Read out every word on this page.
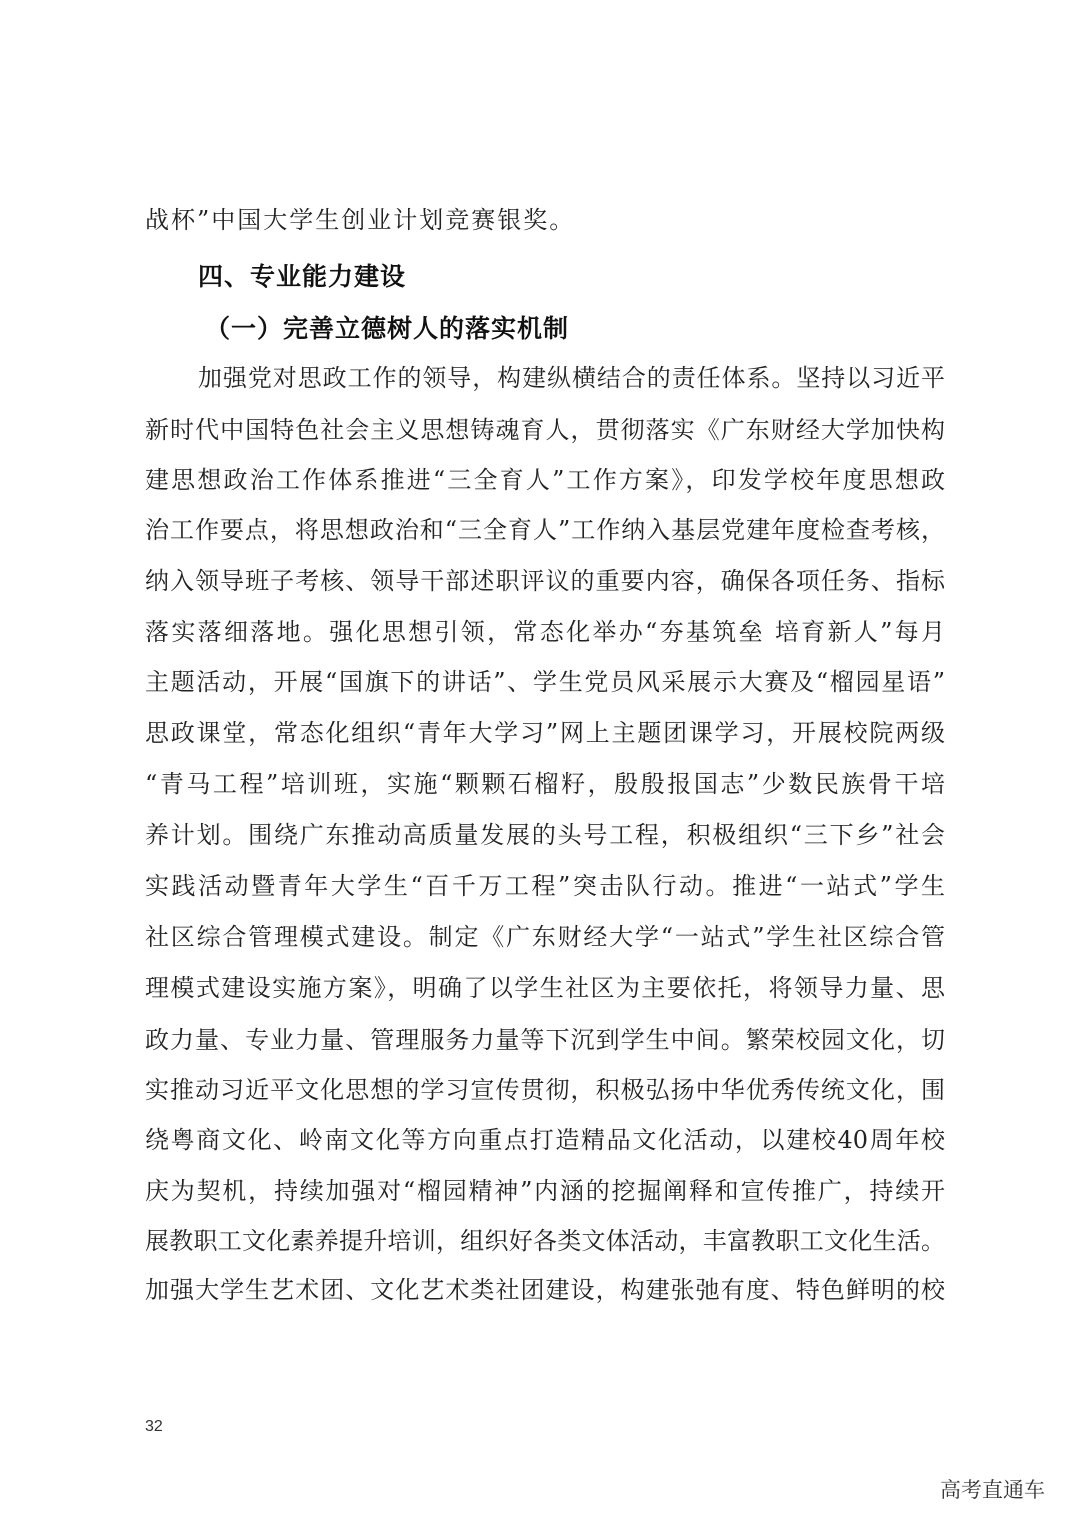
战杯”中国大学生创业计划竞赛银奖。
四、专业能力建设
（一）完善立德树人的落实机制
加强党对思政工作的领导，构建纵横结合的责任体系。坚持以习近平
新时代中国特色社会主义思想铸魂育人，贯彻落实《广东财经大学加快构
建思想政治工作体系推进“三全育人”工作方案》，印发学校年度思想政
治工作要点，将思想政治和“三全育人”工作纳入基层党建年度检查考核，
纳入领导班子考核、领导干部述职评议的重要内容，确保各项任务、指标
落实落细落地。强化思想引领，常态化举办“夯基筑垒 培育新人”每月
主题活动，开展“国旗下的讲话”、学生党员风采展示大赛及“榴园星语”
思政课堂，常态化组织“青年大学习”网上主题团课学习，开展校院两级
“青马工程”培训班，实施“颗颗石榴籽，殷殷报国志”少数民族骨干培
养计划。围绕广东推动高质量发展的头号工程，积极组织“三下乡”社会
实践活动暨青年大学生“百千万工程”突击队行动。推进“一站式”学生
社区综合管理模式建设。制定《广东财经大学“一站式”学生社区综合管
理模式建设实施方案》，明确了以学生社区为主要依托，将领导力量、思
政力量、专业力量、管理服务力量等下沉到学生中间。繁荣校园文化，切
实推动习近平文化思想的学习宣传贯彻，积极弘扬中华优秀传统文化，围
绕粤商文化、岭南文化等方向重点打造精品文化活动，以建校40周年校
庆为契机，持续加强对“榴园精神”内涵的挖掘阐释和宣传推广，持续开
展教职工文化素养提升培训，组织好各类文体活动，丰富教职工文化生活。
加强大学生艺术团、文化艺术类社团建设，构建张弛有度、特色鲜明的校
32
高考直通车
